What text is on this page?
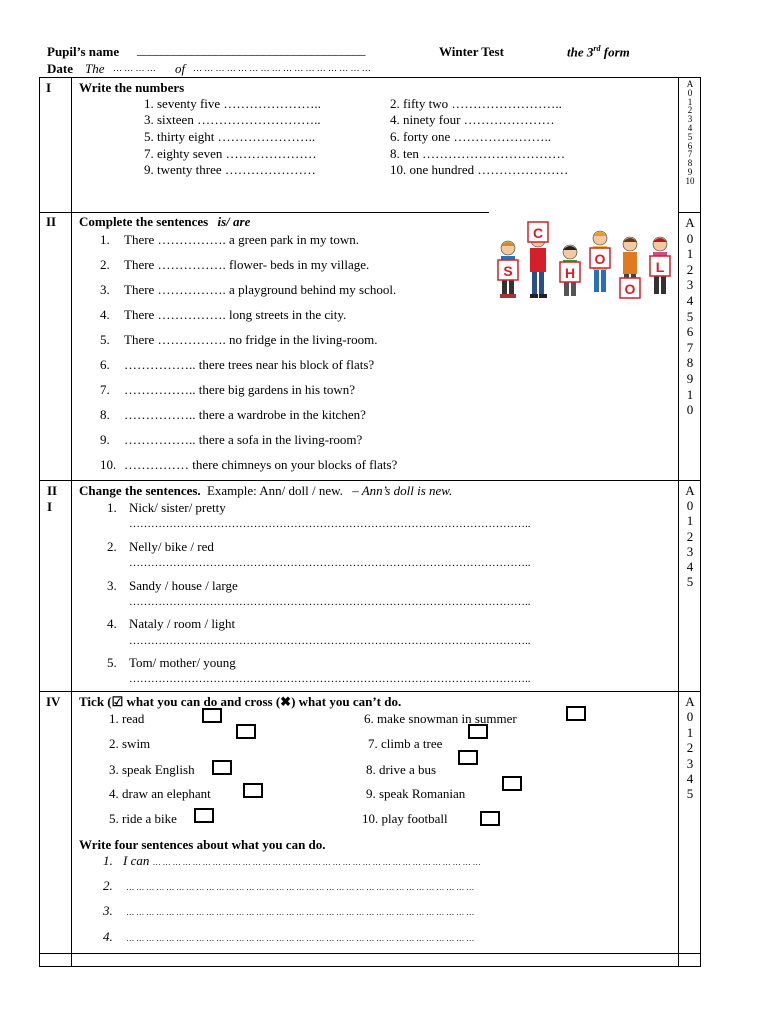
Pupil’s name ______________________________________	Winter Test	the 3rd form
Date The … … … … of … … … … … … … … … … … … … … … …
I Write the numbers
1. seventy five …………………..	2. fifty two ……………………..
3. sixteen ………………………..	4. ninety four …………………
5. thirty eight …………………..	6. forty one …………………..
7. eighty seven …………………	8. ten ……………………………
9. twenty three …………………	10. one hundred …………………
A
0
1
2
3
4
5
6
7
8
9
10
II Complete the sentences is/ are
1. There ……………. a green park in my town.
2. There ……………. flower- beds in my village.
3. There ……………. a playground behind my school.
4. There ……………. long streets in the city.
5. There ……………. no fridge in the living-room.
6. …………….. there trees near his block of flats?
7. …………….. there big gardens in his town?
8. …………….. there a wardrobe in the kitchen?
9. …………….. there a sofa in the living-room?
10. …………… there chimneys on your blocks of flats?
S
C
H
O
O
L
A
0
1
2
3
4
5
6
7
8
9
1
0
II
I
Change the sentences. Example: Ann/ doll / new. – Ann’s doll is new.
1. Nick/ sister/ pretty
………………………………………………………………………………………………..
2. Nelly/ bike / red
………………………………………………………………………………………………..
3. Sandy / house / large
………………………………………………………………………………………………..
4. Nataly / room / light
………………………………………………………………………………………………..
5. Tom/ mother/ young
………………………………………………………………………………………………..
A
0
1
2
3
4
5
IV Tick (☑ what you can do and cross (✖) what you can’t do.
1. read
2. swim
3. speak English
4. draw an elephant
5. ride a bike
6. make snowman in summer
7. climb a tree
8. drive a bus
9. speak Romanian
10. play football
Write four sentences about what you can do.
1. I can … … … … … … … … … … … … … … … … … … … … … … … … … … … … … … … … …
2. … … … … … … … … … … … … … … … … … … … … … … … … … … … … … … … … … … …
3. … … … … … … … … … … … … … … … … … … … … … … … … … … … … … … … … … … …
4. … … … … … … … … … … … … … … … … … … … … … … … … … … … … … … … … … … …
A
0
1
2
3
4
5
